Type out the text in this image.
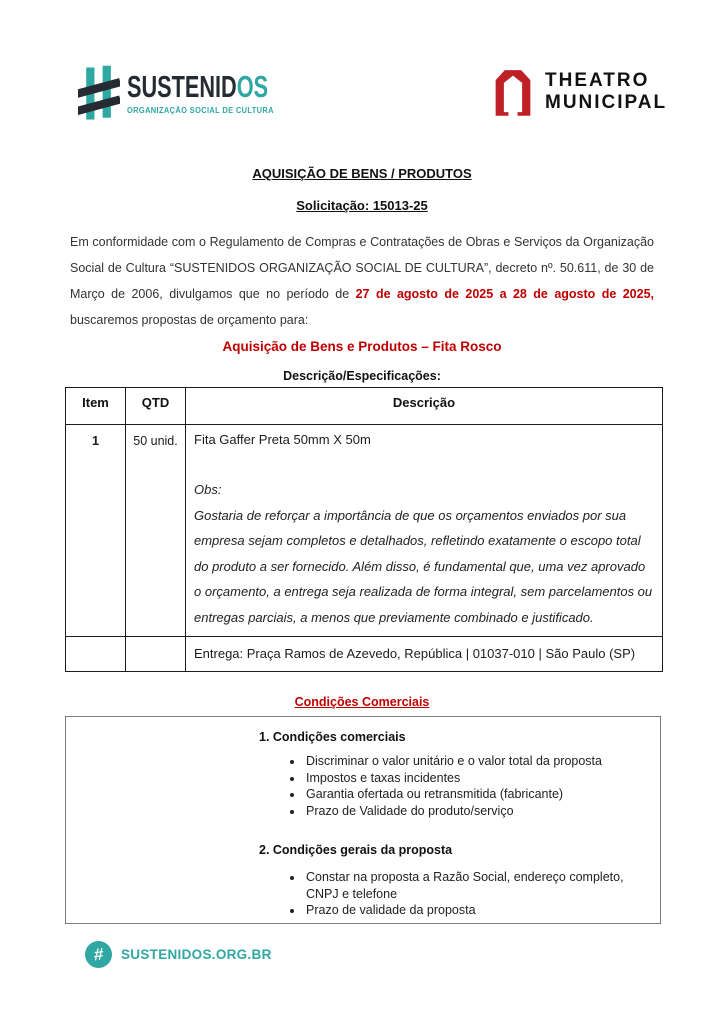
SUSTENIDOS
ORGANIZAÇÃO SOCIAL DE CULTURA
THEATRO
MUNICIPAL
AQUISIÇÃO DE BENS / PRODUTOS
Solicitação: 15013-25

Em conformidade com o Regulamento de Compras e Contratações de Obras e Serviços da Organização Social de Cultura “SUSTENIDOS ORGANIZAÇÃO SOCIAL DE CULTURA”, decreto nº. 50.611, de 30 de Março de 2006, divulgamos que no período de 27 de agosto de 2025 a 28 de agosto de 2025, buscaremos propostas de orçamento para:

Aquisição de Bens e Produtos – Fita Rosco
Descrição/Especificações:
Item	QTD	Descrição
1	50 unid.	Fita Gaffer Preta 50mm X 50m
Obs:
Gostaria de reforçar a importância de que os orçamentos enviados por sua empresa sejam completos e detalhados, refletindo exatamente o escopo total do produto a ser fornecido. Além disso, é fundamental que, uma vez aprovado o orçamento, a entrega seja realizada de forma integral, sem parcelamentos ou entregas parciais, a menos que previamente combinado e justificado.

		Entrega: Praça Ramos de Azevedo, República | 01037-010 | São Paulo (SP)
Condições Comerciais
1. Condições comerciais
• Discriminar o valor unitário e o valor total da proposta
• Impostos e taxas incidentes
• Garantia ofertada ou retransmitida (fabricante)
• Prazo de Validade do produto/serviço
2. Condições gerais da proposta
• Constar na proposta a Razão Social, endereço completo, CNPJ e telefone
• Prazo de validade da proposta
# SUSTENIDOS.ORG.BR
